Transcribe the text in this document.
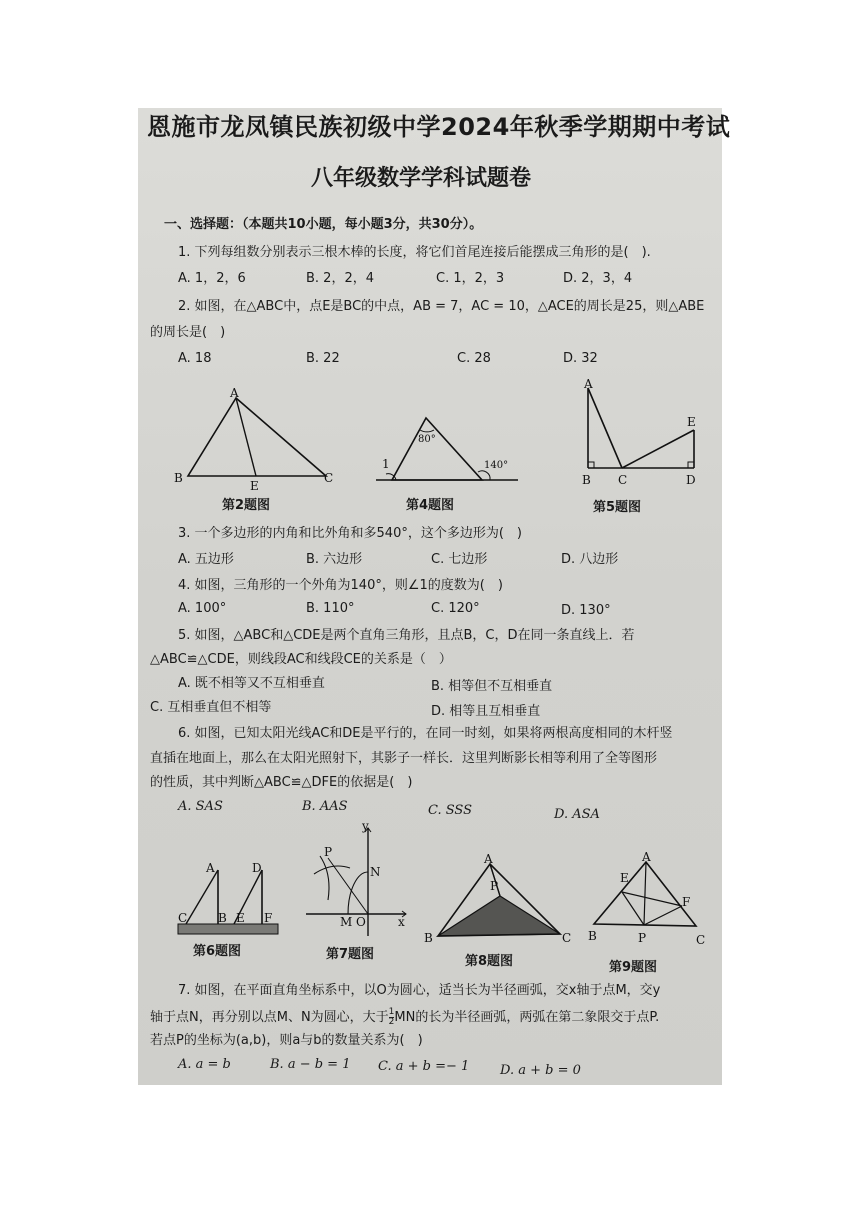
恩施市龙凤镇民族初级中学2024年秋季学期期中考试
八年级数学学科试题卷
一、选择题：（本题共10小题，每小题3分，共30分）。
1. 下列每组数分别表示三根木棒的长度，将它们首尾连接后能摆成三角形的是(　).
A. 1，2，6	B. 2，2，4	C. 1，2，3	D. 2，3，4
2. 如图，在△ABC中，点E是BC的中点，AB = 7，AC = 10，△ACE的周长是25，则△ABE
的周长是(　)
A. 18	B. 22	C. 28	D. 32
A
B	C
E
第2题图
80°
1	140°
第4题图
A
B C	D
E
第5题图
3. 一个多边形的内角和比外角和多540°，这个多边形为(　)
A. 五边形	B. 六边形	C. 七边形	D. 八边形
4. 如图，三角形的一个外角为140°，则∠1的度数为(　)
A. 100°	B. 110°	C. 120°	D. 130°
5. 如图，△ABC和△CDE是两个直角三角形，且点B，C，D在同一条直线上．若
△ABC≌△CDE，则线段AC和线段CE的关系是（　）
A. 既不相等又不互相垂直	B. 相等但不互相垂直
C. 互相垂直但不相等	D. 相等且互相垂直
6. 如图，已知太阳光线AC和DE是平行的，在同一时刻，如果将两根高度相同的木杆竖
直插在地面上，那么在太阳光照射下，其影子一样长．这里判断影长相等利用了全等图形
的性质，其中判断△ABC≌△DFE的依据是(　)
A. SAS	B. AAS	C. SSS	D. ASA
A	D
C	B E F
第6题图
P
N
M O	x
y
第7题图
A
B	C
P
第8题图
A
E
F
B	P	C
第9题图
7. 如图，在平面直角坐标系中，以O为圆心，适当长为半径画弧，交x轴于点M，交y
轴于点N，再分别以点M、N为圆心，大于 $\frac{1}{2}$ MN的长为半径画弧，两弧在第二象限交于点P.
若点P的坐标为(a,b)，则a与b的数量关系为(　)
A. a = b	B. a − b = 1 C. a + b =− 1 D. a + b = 0
